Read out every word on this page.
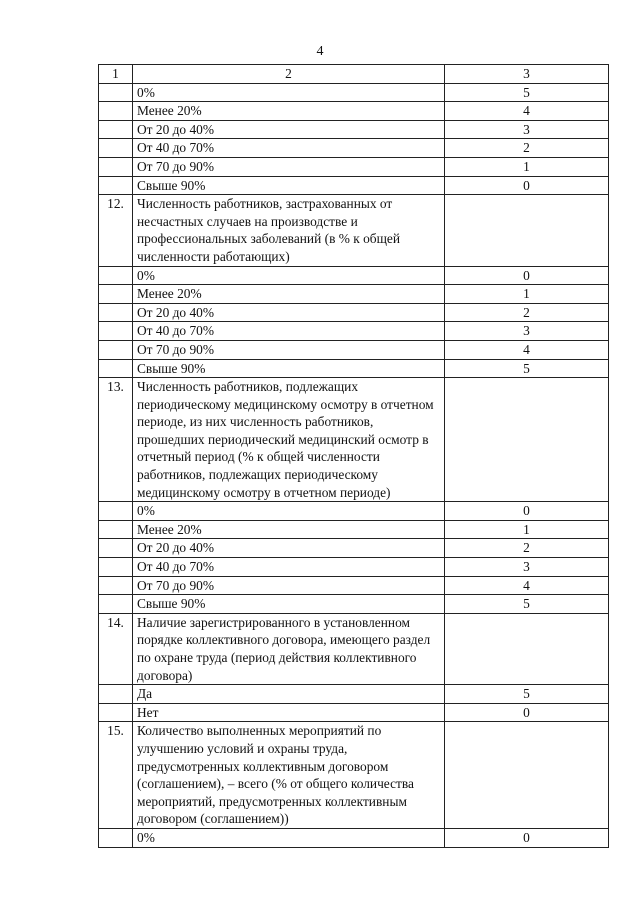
4
1	2	3
	0%	5
	Менее 20%	4
	От 20 до 40%	3
	От 40 до 70%	2
	От 70 до 90%	1
	Свыше 90%	0
12.	Численность работников, застрахованных от несчастных случаев на производстве и профессиональных заболеваний (в % к общей численности работающих)	
	0%	0
	Менее 20%	1
	От 20 до 40%	2
	От 40 до 70%	3
	От 70 до 90%	4
	Свыше 90%	5
13.	Численность работников, подлежащих периодическому медицинскому осмотру в отчетном периоде, из них численность работников, прошедших периодический медицинский осмотр в отчетный период (% к общей численности работников, подлежащих периодическому медицинскому осмотру в отчетном периоде)	
	0%	0
	Менее 20%	1
	От 20 до 40%	2
	От 40 до 70%	3
	От 70 до 90%	4
	Свыше 90%	5
14.	Наличие зарегистрированного в установленном порядке коллективного договора, имеющего раздел по охране труда (период действия коллективного договора)	
	Да	5
	Нет	0
15.	Количество выполненных мероприятий по улучшению условий и охраны труда, предусмотренных коллективным договором (соглашением), – всего (% от общего количества мероприятий, предусмотренных коллективным договором (соглашением))	
	0%	0
